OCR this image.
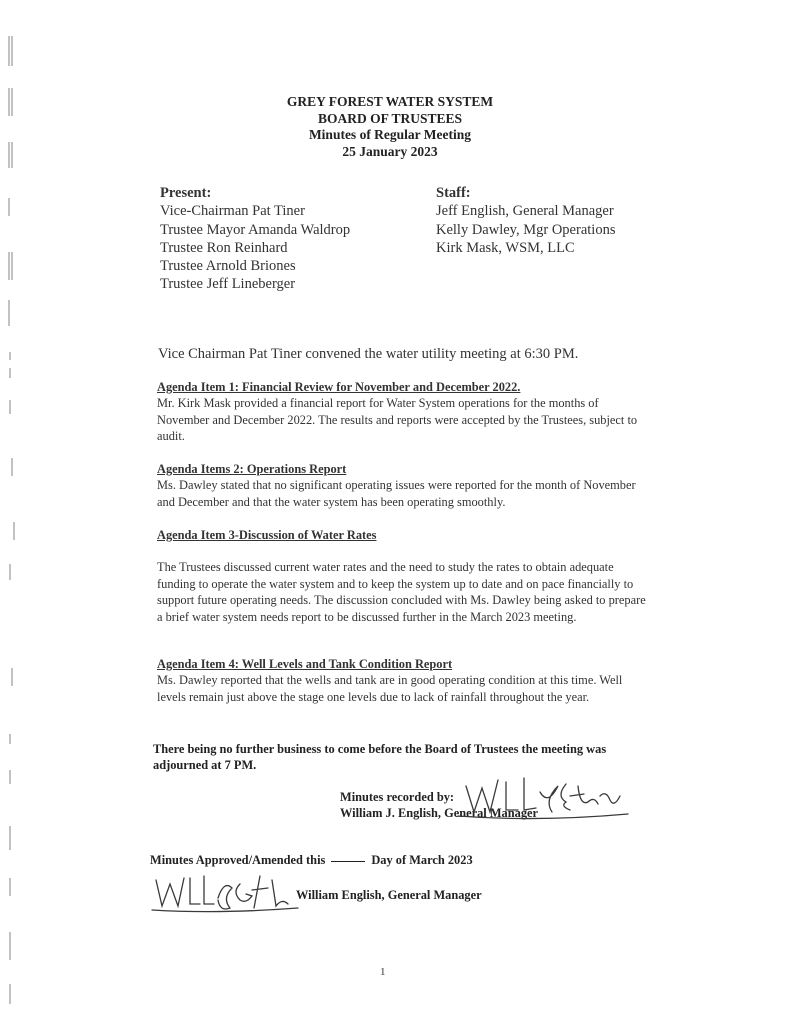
GREY FOREST WATER SYSTEM
BOARD OF TRUSTEES
Minutes of Regular Meeting
25 January 2023
Present:
Vice-Chairman Pat Tiner
Trustee Mayor Amanda Waldrop
Trustee Ron Reinhard
Trustee Arnold Briones
Trustee Jeff Lineberger
Staff:
Jeff English, General Manager
Kelly Dawley, Mgr Operations
Kirk Mask, WSM, LLC
Vice Chairman Pat Tiner convened the water utility meeting at 6:30 PM.
Agenda Item 1: Financial Review for November and December 2022.

Mr. Kirk Mask provided a financial report for Water System operations for the months of November and December 2022. The results and reports were accepted by the Trustees, subject to audit.

Agenda Items 2: Operations Report

Ms. Dawley stated that no significant operating issues were reported for the month of November and December and that the water system has been operating smoothly.

Agenda Item 3-Discussion of Water Rates

The Trustees discussed current water rates and the need to study the rates to obtain adequate funding to operate the water system and to keep the system up to date and on pace financially to support future operating needs. The discussion concluded with Ms. Dawley being asked to prepare a brief water system needs report to be discussed further in the March 2023 meeting.

Agenda Item 4: Well Levels and Tank Condition Report

Ms. Dawley reported that the wells and tank are in good operating condition at this time. Well levels remain just above the stage one levels due to lack of rainfall throughout the year.

There being no further business to come before the Board of Trustees the meeting was adjourned at 7 PM.
Minutes recorded by:
William J. English, General Manager
Minutes Approved/Amended this	Day of March 2023
William English, General Manager
1
